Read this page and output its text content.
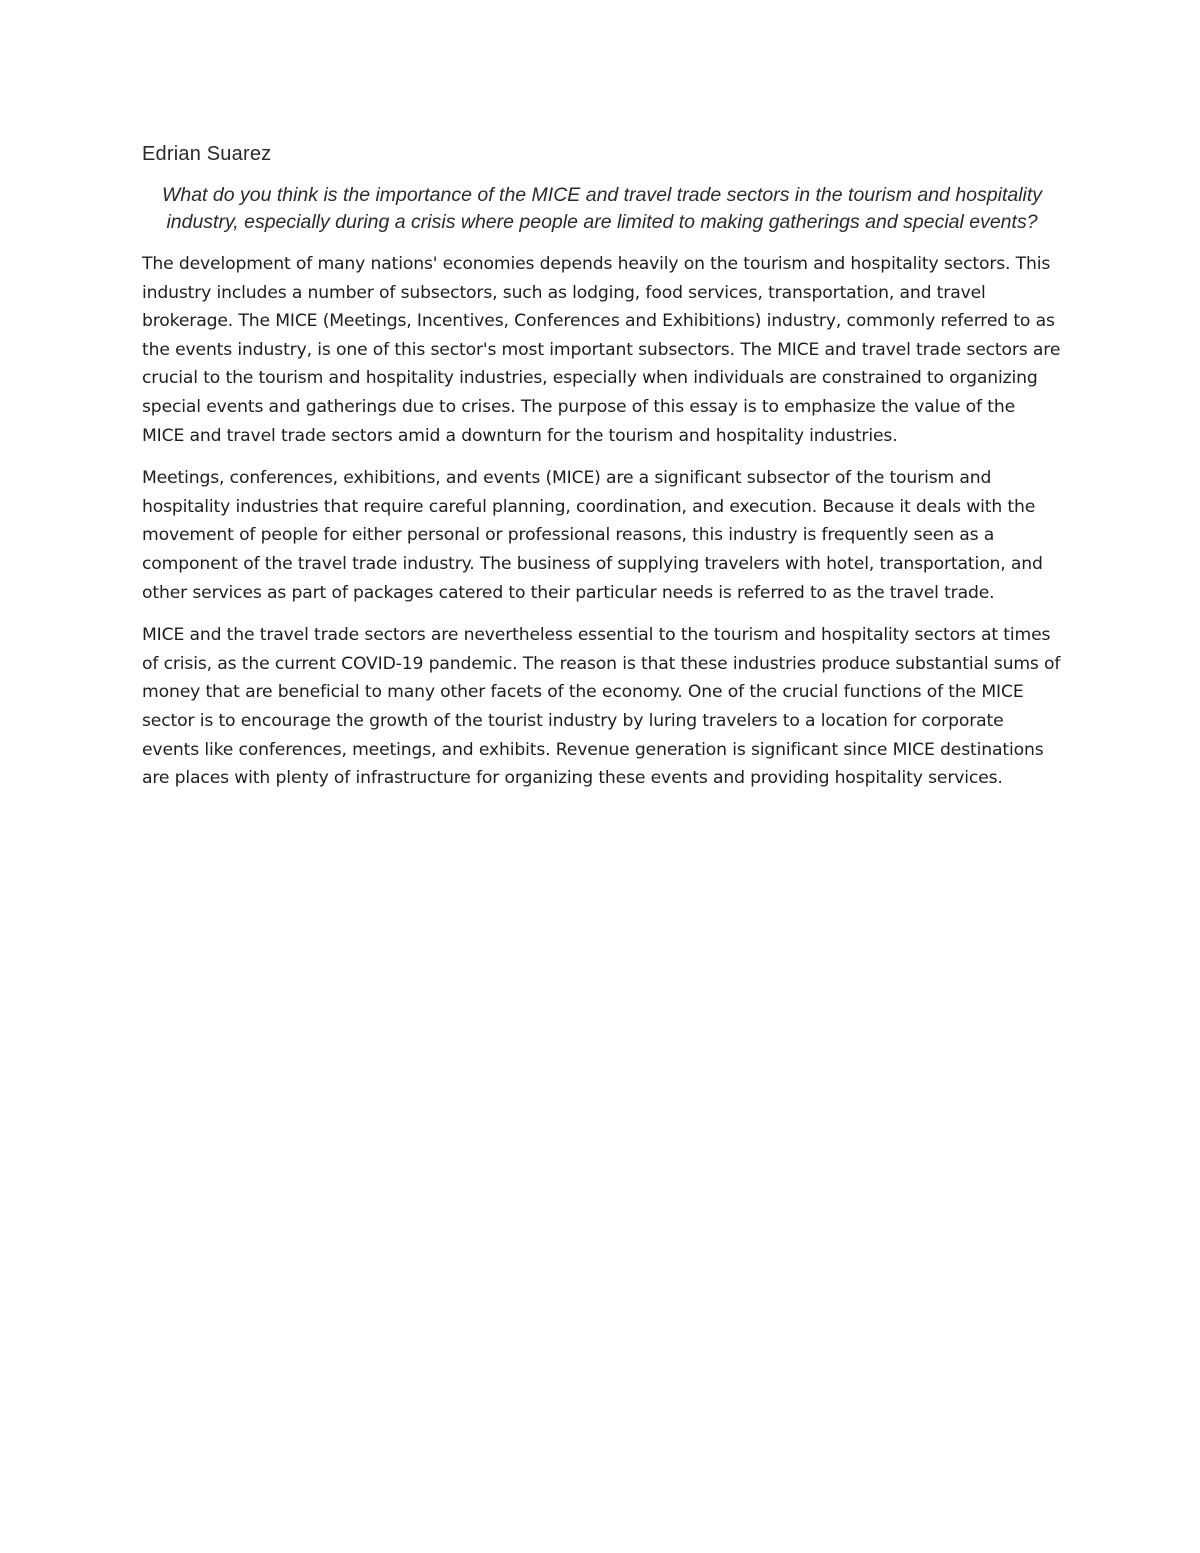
Edrian Suarez

What do you think is the importance of the MICE and travel trade sectors in the tourism and hospitality industry, especially during a crisis where people are limited to making gatherings and special events?

The development of many nations' economies depends heavily on the tourism and hospitality sectors. This industry includes a number of subsectors, such as lodging, food services, transportation, and travel brokerage. The MICE (Meetings, Incentives, Conferences and Exhibitions) industry, commonly referred to as the events industry, is one of this sector's most important subsectors. The MICE and travel trade sectors are crucial to the tourism and hospitality industries, especially when individuals are constrained to organizing special events and gatherings due to crises. The purpose of this essay is to emphasize the value of the MICE and travel trade sectors amid a downturn for the tourism and hospitality industries.

Meetings, conferences, exhibitions, and events (MICE) are a significant subsector of the tourism and hospitality industries that require careful planning, coordination, and execution. Because it deals with the movement of people for either personal or professional reasons, this industry is frequently seen as a component of the travel trade industry. The business of supplying travelers with hotel, transportation, and other services as part of packages catered to their particular needs is referred to as the travel trade.

MICE and the travel trade sectors are nevertheless essential to the tourism and hospitality sectors at times of crisis, as the current COVID-19 pandemic. The reason is that these industries produce substantial sums of money that are beneficial to many other facets of the economy. One of the crucial functions of the MICE sector is to encourage the growth of the tourist industry by luring travelers to a location for corporate events like conferences, meetings, and exhibits. Revenue generation is significant since MICE destinations are places with plenty of infrastructure for organizing these events and providing hospitality services.
